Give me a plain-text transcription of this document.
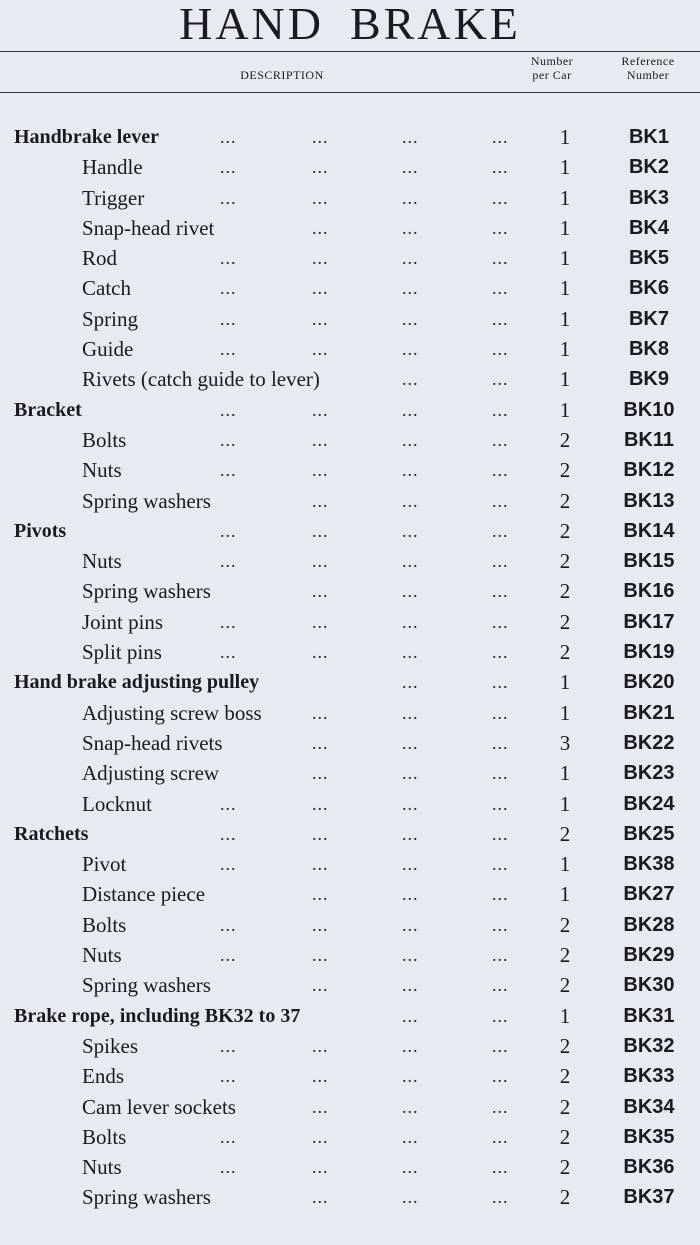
HAND BRAKE
DESCRIPTION
Number
per Car
Reference
Number
Handbrake lever	...	...	...	...	1	BK1
Handle	...	...	...	...	1	BK2
Trigger	...	...	...	...	1	BK3
Snap-head rivet	...	...	...	1	BK4
Rod	...	...	...	...	1	BK5
Catch	...	...	...	...	1	BK6
Spring	...	...	...	...	1	BK7
Guide	...	...	...	...	1	BK8
Rivets (catch guide to lever)	...	...	1	BK9
Bracket	...	...	...	...	1	BK10
Bolts	...	...	...	...	2	BK11
Nuts	...	...	...	...	2	BK12
Spring washers	...	...	...	2	BK13
Pivots	...	...	...	...	2	BK14
Nuts	...	...	...	...	2	BK15
Spring washers	...	...	...	2	BK16
Joint pins	...	...	...	...	2	BK17
Split pins	...	...	...	...	2	BK19
Hand brake adjusting pulley	...	...	1	BK20
Adjusting screw boss	...	...	...	1	BK21
Snap-head rivets	...	...	...	3	BK22
Adjusting screw	...	...	...	1	BK23
Locknut	...	...	...	...	1	BK24
Ratchets	...	...	...	...	2	BK25
Pivot	...	...	...	...	1	BK38
Distance piece	...	...	...	1	BK27
Bolts	...	...	...	...	2	BK28
Nuts	...	...	...	...	2	BK29
Spring washers	...	...	...	2	BK30
Brake rope, including BK32 to 37	...	...	1	BK31
Spikes	...	...	...	...	2	BK32
Ends	...	...	...	...	2	BK33
Cam lever sockets	...	...	...	2	BK34
Bolts	...	...	...	...	2	BK35
Nuts	...	...	...	...	2	BK36
Spring washers	...	...	...	2	BK37
